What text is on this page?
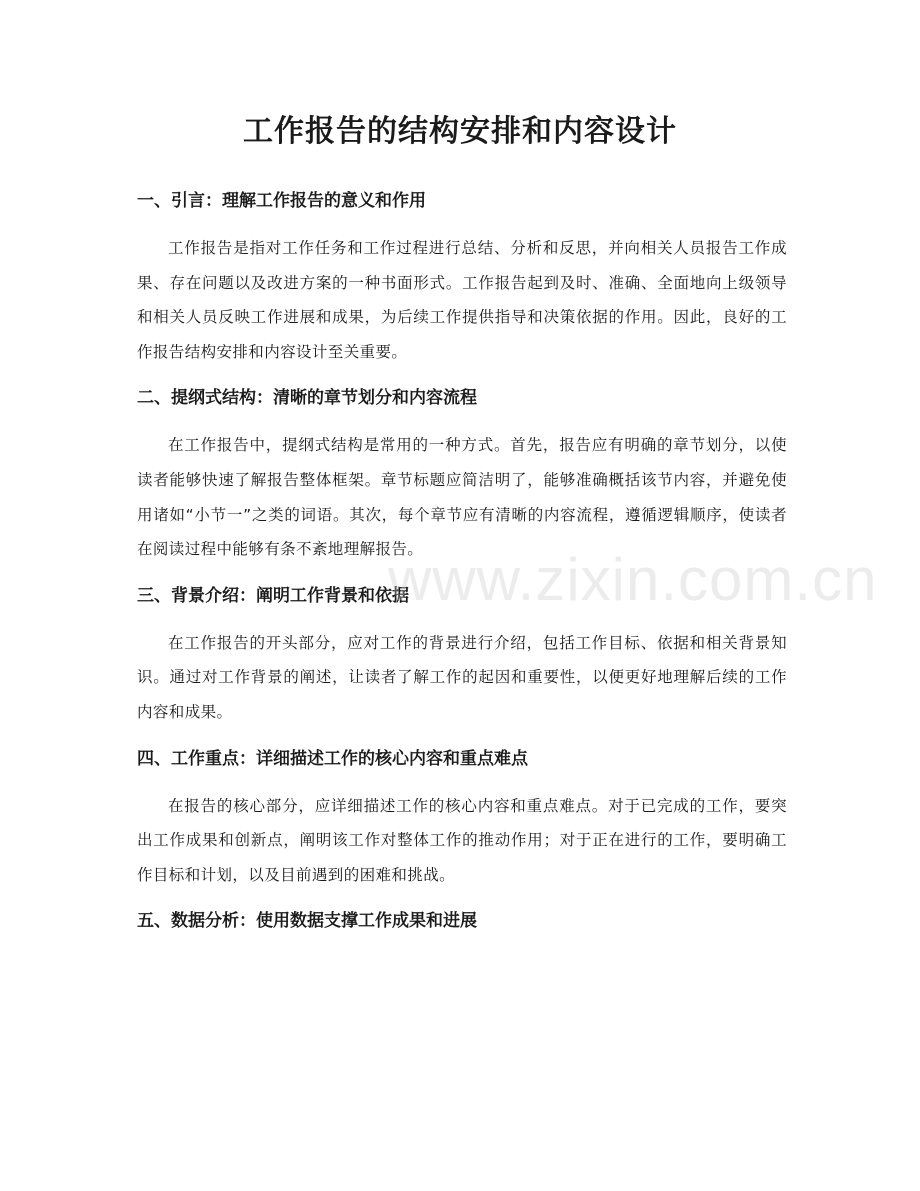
工作报告的结构安排和内容设计
一、引言：理解工作报告的意义和作用

工作报告是指对工作任务和工作过程进行总结、分析和反思，并向相关人员报告工作成果、存在问题以及改进方案的一种书面形式。工作报告起到及时、准确、全面地向上级领导和相关人员反映工作进展和成果，为后续工作提供指导和决策依据的作用。因此，良好的工作报告结构安排和内容设计至关重要。

二、提纲式结构：清晰的章节划分和内容流程

在工作报告中，提纲式结构是常用的一种方式。首先，报告应有明确的章节划分，以使读者能够快速了解报告整体框架。章节标题应简洁明了，能够准确概括该节内容，并避免使用诸如“小节一”之类的词语。其次，每个章节应有清晰的内容流程，遵循逻辑顺序，使读者在阅读过程中能够有条不紊地理解报告。

三、背景介绍：阐明工作背景和依据

在工作报告的开头部分，应对工作的背景进行介绍，包括工作目标、依据和相关背景知识。通过对工作背景的阐述，让读者了解工作的起因和重要性，以便更好地理解后续的工作内容和成果。

四、工作重点：详细描述工作的核心内容和重点难点

在报告的核心部分，应详细描述工作的核心内容和重点难点。对于已完成的工作，要突出工作成果和创新点，阐明该工作对整体工作的推动作用；对于正在进行的工作，要明确工作目标和计划，以及目前遇到的困难和挑战。

五、数据分析：使用数据支撑工作成果和进展
www.zixin.com.cn
